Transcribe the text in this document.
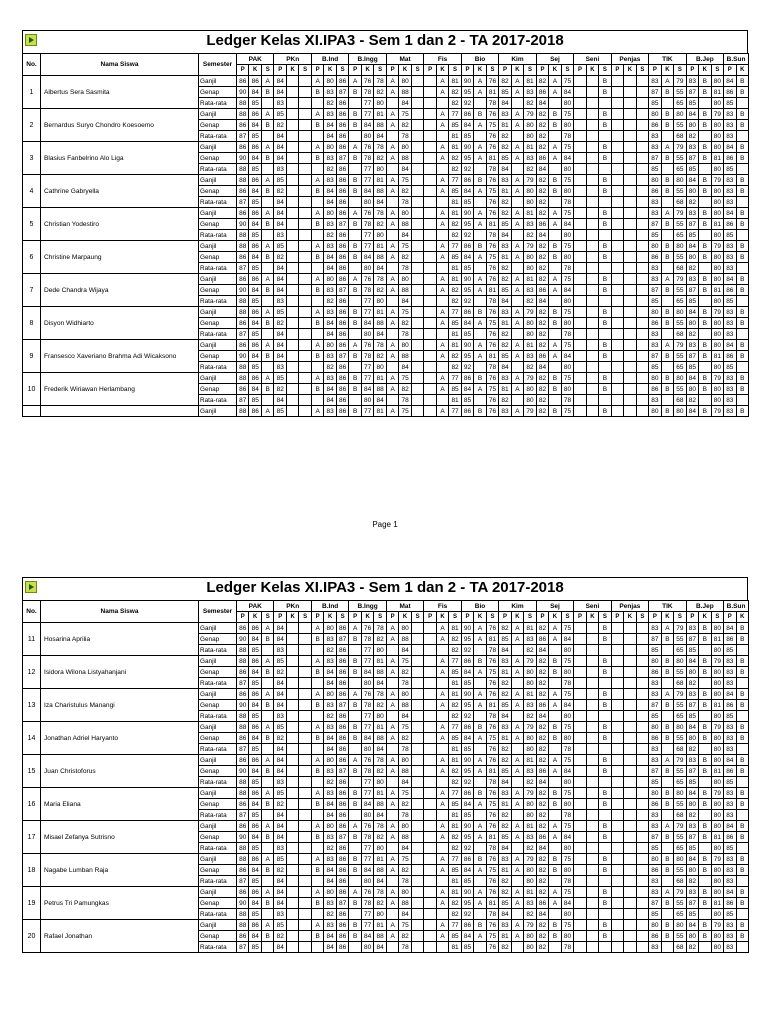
Ledger Kelas XI.IPA3 - Sem 1 dan 2 - TA 2017-2018
No.	Nama Siswa	Semester	PAK			PKn			B.Ind			B.Ingg			Mat			Fis			Bio			Kim			Sej			Seni			Penjas			TIK			B.Jep			B.Sun		
			P	K	S	P	K	S	P	K	S	P	K	S	P	K	S	P	K	S	P	K	S	P	K	S	P	K	S	P	K	S	P	K	S	P	K	S	P	K	S	P	K	
1	Albertus Sera Sasmita	Ganjil	86	86	A	84			A	80	86	A	76	78	A	80			A	81	90	A	76	82	A	81	82	A	75			B				83	A	79	83	B	80	84	B					
		Genap	90	84	B	84			B	83	87	B	78	82	A	88			A	82	95	A	81	85	A	83	86	A	84			B				87	B	55	87	B	81	86	B					
		Rata-rata	88	85		83				82	86		77	80		84				82	92		78	84		82	84		80							85		65	85		80	85						
2	Bernardus Suryo Chondro Koesoemo	Ganjil	88	86	A	85			A	83	86	B	77	81	A	75			A	77	86	B	76	83	A	79	82	B	75			B				80	B	80	84	B	79	83	B					
		Genap	86	84	B	82			B	84	86	B	84	88	A	82			A	85	84	A	75	81	A	80	82	B	80			B				86	B	55	80	B	80	83	B					
		Rata-rata	87	85		84				84	86		80	84		78				81	85		76	82		80	82		78							83		68	82		80	83						
3	Blasius Fanbelrino Alo Liga	Ganjil	86	86	A	84			A	80	86	A	76	78	A	80			A	81	90	A	76	82	A	81	82	A	75			B				83	A	79	83	B	80	84	B					
		Genap	90	84	B	84			B	83	87	B	78	82	A	88			A	82	95	A	81	85	A	83	86	A	84			B				87	B	55	87	B	81	86	B					
		Rata-rata	88	85		83				82	86		77	80		84				82	92		78	84		82	84		80							85		65	85		80	85						
4	Cathrine Gabryella	Ganjil	88	86	A	85			A	83	86	B	77	81	A	75			A	77	86	B	76	83	A	79	82	B	75			B				80	B	80	84	B	79	83	B					
		Genap	86	84	B	82			B	84	86	B	84	88	A	82			A	85	84	A	75	81	A	80	82	B	80			B				86	B	55	80	B	80	83	B					
		Rata-rata	87	85		84				84	86		80	84		78				81	85		76	82		80	82		78							83		68	82		80	83						
5	Christian Yodestiro	Ganjil	86	86	A	84			A	80	86	A	76	78	A	80			A	81	90	A	76	82	A	81	82	A	75			B				83	A	79	83	B	80	84	B					
		Genap	90	84	B	84			B	83	87	B	78	82	A	88			A	82	95	A	81	85	A	83	86	A	84			B				87	B	55	87	B	81	86	B					
		Rata-rata	88	85		83				82	86		77	80		84				82	92		78	84		82	84		80							85		65	85		80	85						
6	Christine Marpaung	Ganjil	88	86	A	85			A	83	86	B	77	81	A	75			A	77	86	B	76	83	A	79	82	B	75			B				80	B	80	84	B	79	83	B					
		Genap	86	84	B	82			B	84	86	B	84	88	A	82			A	85	84	A	75	81	A	80	82	B	80			B				86	B	55	80	B	80	83	B					
		Rata-rata	87	85		84				84	86		80	84		78				81	85		76	82		80	82		78							83		68	82		80	83						
7	Dede Chandra Wijaya	Ganjil	86	86	A	84			A	80	86	A	76	78	A	80			A	81	90	A	76	82	A	81	82	A	75			B				83	A	79	83	B	80	84	B					
		Genap	90	84	B	84			B	83	87	B	78	82	A	88			A	82	95	A	81	85	A	83	86	A	84			B				87	B	55	87	B	81	86	B					
		Rata-rata	88	85		83				82	86		77	80		84				82	92		78	84		82	84		80							85		65	85		80	85						
8	Disyon Widhiarto	Ganjil	88	86	A	85			A	83	86	B	77	81	A	75			A	77	86	B	76	83	A	79	82	B	75			B				80	B	80	84	B	79	83	B					
		Genap	86	84	B	82			B	84	86	B	84	88	A	82			A	85	84	A	75	81	A	80	82	B	80			B				86	B	55	80	B	80	83	B					
		Rata-rata	87	85		84				84	86		80	84		78				81	85		76	82		80	82		78							83		68	82		80	83						
9	Fransesco Xaveriano Brahma Adi Wicaksono	Ganjil	86	86	A	84			A	80	86	A	76	78	A	80			A	81	90	A	76	82	A	81	82	A	75			B				83	A	79	83	B	80	84	B					
		Genap	90	84	B	84			B	83	87	B	78	82	A	88			A	82	95	A	81	85	A	83	86	A	84			B				87	B	55	87	B	81	86	B					
		Rata-rata	88	85		83				82	86		77	80		84				82	92		78	84		82	84		80							85		65	85		80	85						
10	Frederik Wiriawan Herlambang	Ganjil	88	86	A	85			A	83	86	B	77	81	A	75			A	77	86	B	76	83	A	79	82	B	75			B				80	B	80	84	B	79	83	B					
		Genap	86	84	B	82			B	84	86	B	84	88	A	82			A	85	84	A	75	81	A	80	82	B	80			B				86	B	55	80	B	80	83	B					
		Rata-rata	87	85		84				84	86		80	84		78				81	85		76	82		80	82		78							83		68	82		80	83						
		Ganjil	88	86	A	85			A	83	86	B	77	81	A	75			A	77	86	B	76	83	A	79	82	B	75			B				80	B	80	84	B	79	83	B					
Page 1
Ledger Kelas XI.IPA3 - Sem 1 dan 2 - TA 2017-2018
No.	Nama Siswa	Semester	PAK			PKn			B.Ind			B.Ingg			Mat			Fis			Bio			Kim			Sej			Seni			Penjas			TIK			B.Jep			B.Sun		
			P	K	S	P	K	S	P	K	S	P	K	S	P	K	S	P	K	S	P	K	S	P	K	S	P	K	S	P	K	S	P	K	S	P	K	S	P	K	S	P	K	
11	Hosarina Aprilia	Ganjil	86	86	A	84			A	80	86	A	76	78	A	80			A	81	90	A	76	82	A	81	82	A	75			B				83	A	79	83	B	80	84	B					
		Genap	90	84	B	84			B	83	87	B	78	82	A	88			A	82	95	A	81	85	A	83	86	A	84			B				87	B	55	87	B	81	86	B					
		Rata-rata	88	85		83				82	86		77	80		84				82	92		78	84		82	84		80							85		65	85		80	85						
12	Isidora Wilona Listyahanjani	Ganjil	88	86	A	85			A	83	86	B	77	81	A	75			A	77	86	B	76	83	A	79	82	B	75			B				80	B	80	84	B	79	83	B					
		Genap	86	84	B	82			B	84	86	B	84	88	A	82			A	85	84	A	75	81	A	80	82	B	80			B				86	B	55	80	B	80	83	B					
		Rata-rata	87	85		84				84	86		80	84		78				81	85		76	82		80	82		78							83		68	82		80	83						
13	Iza Charistulus Manangi	Ganjil	86	86	A	84			A	80	86	A	76	78	A	80			A	81	90	A	76	82	A	81	82	A	75			B				83	A	79	83	B	80	84	B					
		Genap	90	84	B	84			B	83	87	B	78	82	A	88			A	82	95	A	81	85	A	83	86	A	84			B				87	B	55	87	B	81	86	B					
		Rata-rata	88	85		83				82	86		77	80		84				82	92		78	84		82	84		80							85		65	85		80	85						
14	Jonathan Adriel Haryanto	Ganjil	88	86	A	85			A	83	86	B	77	81	A	75			A	77	86	B	76	83	A	79	82	B	75			B				80	B	80	84	B	79	83	B					
		Genap	86	84	B	82			B	84	86	B	84	88	A	82			A	85	84	A	75	81	A	80	82	B	80			B				86	B	55	80	B	80	83	B					
		Rata-rata	87	85		84				84	86		80	84		78				81	85		76	82		80	82		78							83		68	82		80	83						
15	Juan Christoforus	Ganjil	86	86	A	84			A	80	86	A	76	78	A	80			A	81	90	A	76	82	A	81	82	A	75			B				83	A	79	83	B	80	84	B					
		Genap	90	84	B	84			B	83	87	B	78	82	A	88			A	82	95	A	81	85	A	83	86	A	84			B				87	B	55	87	B	81	86	B					
		Rata-rata	88	85		83				82	86		77	80		84				82	92		78	84		82	84		80							85		65	85		80	85						
16	Maria Eliana	Ganjil	88	86	A	85			A	83	86	B	77	81	A	75			A	77	86	B	76	83	A	79	82	B	75			B				80	B	80	84	B	79	83	B					
		Genap	86	84	B	82			B	84	86	B	84	88	A	82			A	85	84	A	75	81	A	80	82	B	80			B				86	B	55	80	B	80	83	B					
		Rata-rata	87	85		84				84	86		80	84		78				81	85		76	82		80	82		78							83		68	82		80	83						
17	Misael Zefanya Sutrisno	Ganjil	86	86	A	84			A	80	86	A	76	78	A	80			A	81	90	A	76	82	A	81	82	A	75			B				83	A	79	83	B	80	84	B					
		Genap	90	84	B	84			B	83	87	B	78	82	A	88			A	82	95	A	81	85	A	83	86	A	84			B				87	B	55	87	B	81	86	B					
		Rata-rata	88	85		83				82	86		77	80		84				82	92		78	84		82	84		80							85		65	85		80	85						
18	Nagabe Lumban Raja	Ganjil	88	86	A	85			A	83	86	B	77	81	A	75			A	77	86	B	76	83	A	79	82	B	75			B				80	B	80	84	B	79	83	B					
		Genap	86	84	B	82			B	84	86	B	84	88	A	82			A	85	84	A	75	81	A	80	82	B	80			B				86	B	55	80	B	80	83	B					
		Rata-rata	87	85		84				84	86		80	84		78				81	85		76	82		80	82		78							83		68	82		80	83						
19	Petrus Tri Pamungkas	Ganjil	86	86	A	84			A	80	86	A	76	78	A	80			A	81	90	A	76	82	A	81	82	A	75			B				83	A	79	83	B	80	84	B					
		Genap	90	84	B	84			B	83	87	B	78	82	A	88			A	82	95	A	81	85	A	83	86	A	84			B				87	B	55	87	B	81	86	B					
		Rata-rata	88	85		83				82	86		77	80		84				82	92		78	84		82	84		80							85		65	85		80	85						
20	Rafael Jonathan	Ganjil	88	86	A	85			A	83	86	B	77	81	A	75			A	77	86	B	76	83	A	79	82	B	75			B				80	B	80	84	B	79	83	B					
		Genap	86	84	B	82			B	84	86	B	84	88	A	82			A	85	84	A	75	81	A	80	82	B	80			B				86	B	55	80	B	80	83	B					
		Rata-rata	87	85		84				84	86		80	84		78				81	85		76	82		80	82		78							83		68	82		80	83						
